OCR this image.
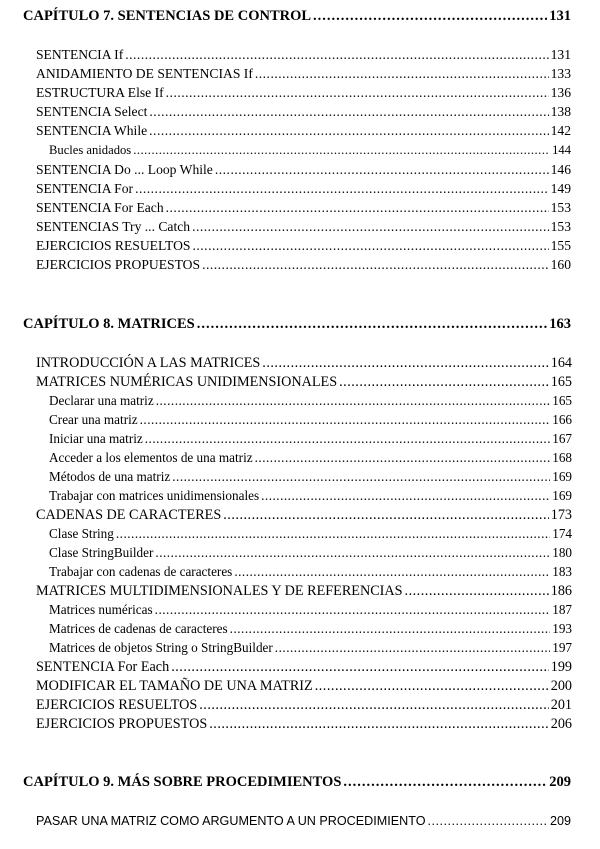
CAPÍTULO 7. SENTENCIAS DE CONTROL .....	131
SENTENCIA If .....	131
ANIDAMIENTO DE SENTENCIAS If .....	133
ESTRUCTURA Else If .....	136
SENTENCIA Select .....	138
SENTENCIA While .....	142
Bucles anidados .....	144
SENTENCIA Do ... Loop While .....	146
SENTENCIA For .....	149
SENTENCIA For Each .....	153
SENTENCIAS Try ... Catch .....	153
EJERCICIOS RESUELTOS .....	155
EJERCICIOS PROPUESTOS .....	160
CAPÍTULO 8. MATRICES .....	163
INTRODUCCIÓN A LAS MATRICES .....	164
MATRICES NUMÉRICAS UNIDIMENSIONALES .....	165
Declarar una matriz .....	165
Crear una matriz .....	166
Iniciar una matriz .....	167
Acceder a los elementos de una matriz .....	168
Métodos de una matriz .....	169
Trabajar con matrices unidimensionales .....	169
CADENAS DE CARACTERES .....	173
Clase String .....	174
Clase StringBuilder .....	180
Trabajar con cadenas de caracteres .....	183
MATRICES MULTIDIMENSIONALES Y DE REFERENCIAS .....	186
Matrices numéricas .....	187
Matrices de cadenas de caracteres .....	193
Matrices de objetos String o StringBuilder .....	197
SENTENCIA For Each .....	199
MODIFICAR EL TAMAÑO DE UNA MATRIZ .....	200
EJERCICIOS RESUELTOS .....	201
EJERCICIOS PROPUESTOS .....	206
CAPÍTULO 9. MÁS SOBRE PROCEDIMIENTOS .....	209
PASAR UNA MATRIZ COMO ARGUMENTO A UN PROCEDIMIENTO .....	209
